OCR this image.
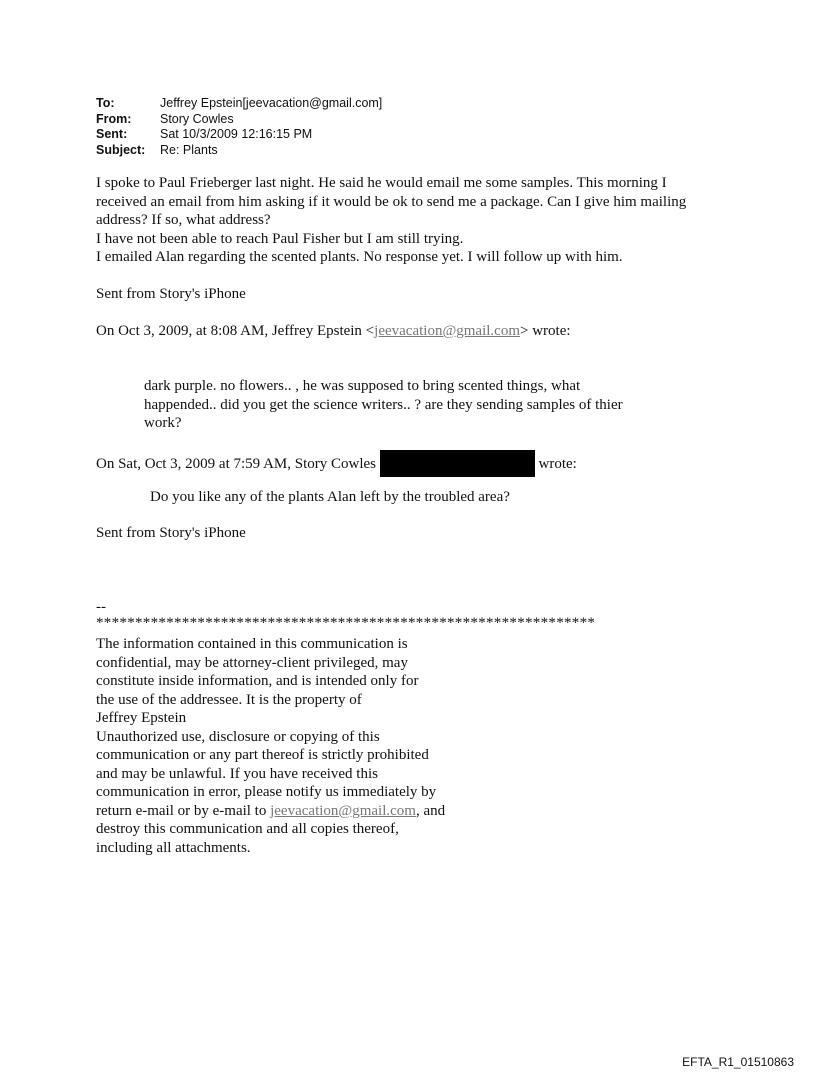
To:	Jeffrey Epstein[jeevacation@gmail.com]
From:	Story Cowles
Sent:	Sat 10/3/2009 12:16:15 PM
Subject:	Re: Plants
I spoke to Paul Frieberger last night. He said he would email me some samples. This morning I
received an email from him asking if it would be ok to send me a package. Can I give him mailing
address? If so, what address?
I have not been able to reach Paul Fisher but I am still trying.
I emailed Alan regarding the scented plants. No response yet. I will follow up with him.
Sent from Story's iPhone
On Oct 3, 2009, at 8:08 AM, Jeffrey Epstein <jeevacation@gmail.com> wrote:
dark purple. no flowers.. , he was supposed to bring scented things, what
happended.. did you get the science writers.. ? are they sending samples of thier
work?
On Sat, Oct 3, 2009 at 7:59 AM, Story Cowles	wrote:
Do you like any of the plants Alan left by the troubled area?
Sent from Story's iPhone
--
****************************************************************
The information contained in this communication is
confidential, may be attorney-client privileged, may
constitute inside information, and is intended only for
the use of the addressee. It is the property of
Jeffrey Epstein
Unauthorized use, disclosure or copying of this
communication or any part thereof is strictly prohibited
and may be unlawful. If you have received this
communication in error, please notify us immediately by
return e-mail or by e-mail to jeevacation@gmail.com, and
destroy this communication and all copies thereof,
including all attachments.
EFTA_R1_01510863
